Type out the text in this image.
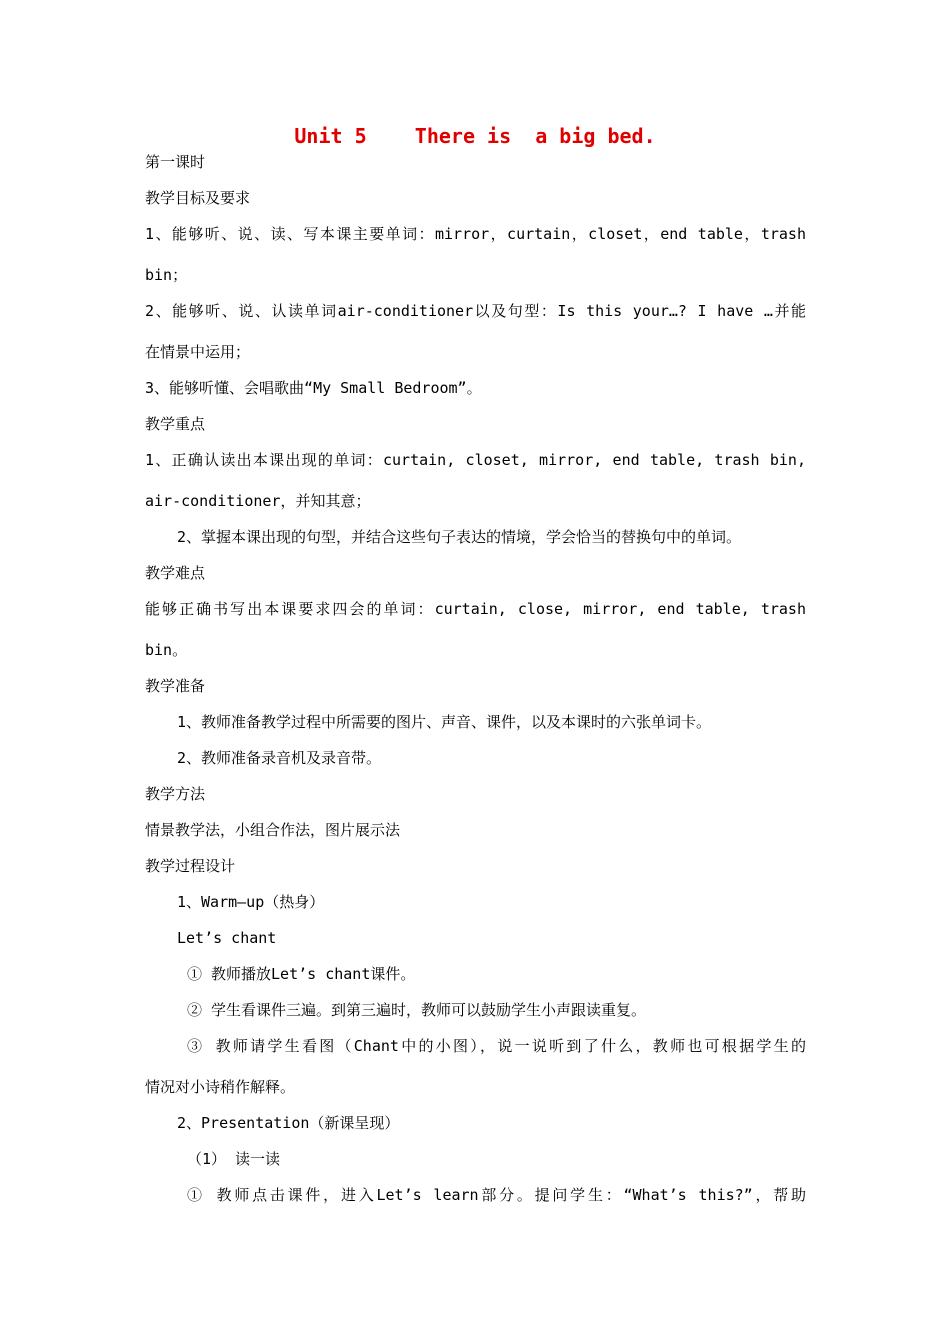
Unit 5    There is  a big bed.
第一课时
教学目标及要求
1、能够听、说、读、写本课主要单词：mirror，curtain，closet，end table，trash
bin；
2、能够听、说、认读单词air-conditioner以及句型：Is this your…? I have …并能
在情景中运用；
3、能够听懂、会唱歌曲“My Small Bedroom”。
教学重点
1、正确认读出本课出现的单词：curtain, closet, mirror, end table, trash bin,
air-conditioner，并知其意；
2、掌握本课出现的句型，并结合这些句子表达的情境，学会恰当的替换句中的单词。
教学难点
能够正确书写出本课要求四会的单词：curtain, close, mirror, end table, trash
bin。
教学准备
1、教师准备教学过程中所需要的图片、声音、课件，以及本课时的六张单词卡。
2、教师准备录音机及录音带。
教学方法
情景教学法，小组合作法，图片展示法
教学过程设计
1、Warm—up（热身）
Let’s chant
① 教师播放Let’s chant课件。
② 学生看课件三遍。到第三遍时，教师可以鼓励学生小声跟读重复。
③ 教师请学生看图（Chant中的小图），说一说听到了什么，教师也可根据学生的
情况对小诗稍作解释。
2、Presentation（新课呈现）
（1） 读一读
① 教师点击课件，进入Let’s learn部分。提问学生：“What’s this?”，帮助
